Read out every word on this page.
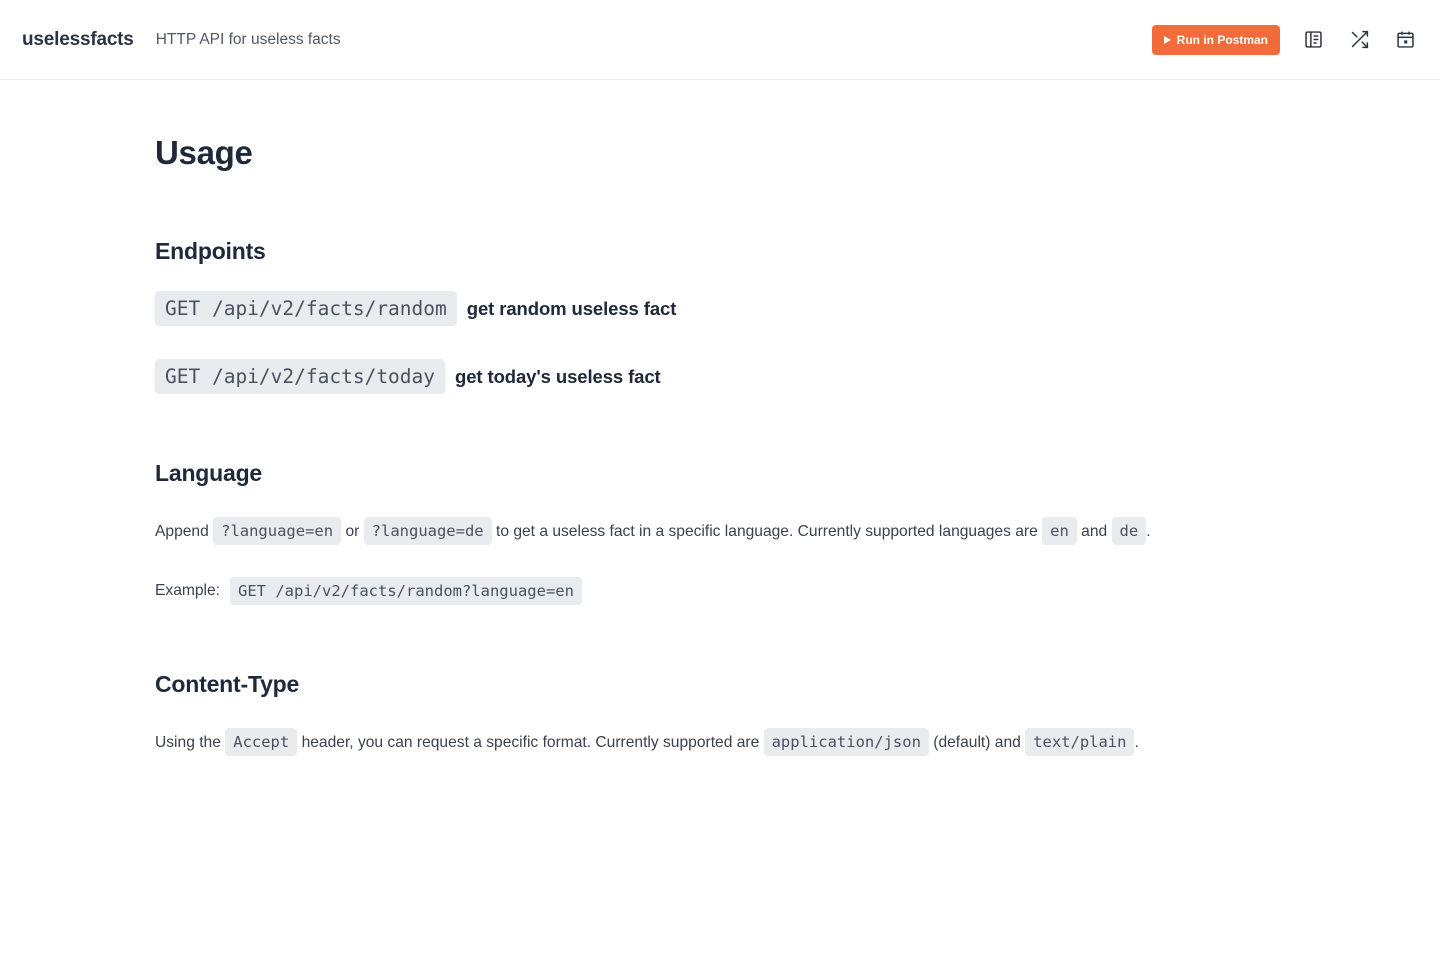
uselessfacts HTTP API for useless facts	Run in Postman
Usage
Endpoints
GET /api/v2/facts/random	get random useless fact
GET /api/v2/facts/today	get today's useless fact
Language

Append ?language=en or ?language=de to get a useless fact in a specific language. Currently supported languages are en and de .

Example:	GET /api/v2/facts/random?language=en
Content-Type

Using the Accept header, you can request a specific format. Currently supported are application/json (default) and text/plain .
